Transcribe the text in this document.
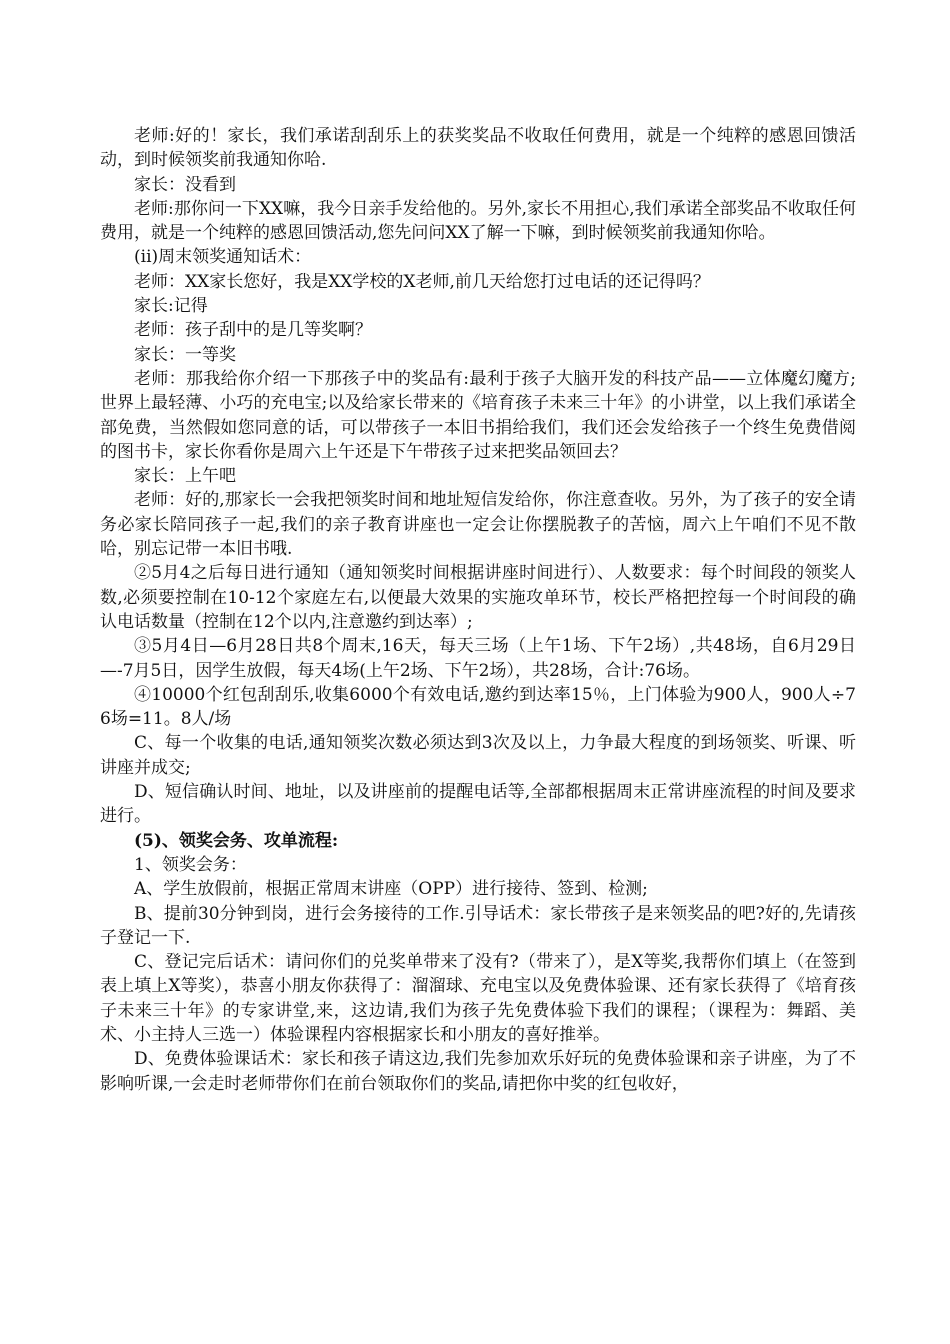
老师:好的！家长，我们承诺刮刮乐上的获奖奖品不收取任何费用，就是一个纯粹的感恩回馈活动，到时候领奖前我通知你哈.

家长：没看到

老师:那你问一下XX嘛，我今日亲手发给他的。另外,家长不用担心,我们承诺全部奖品不收取任何费用，就是一个纯粹的感恩回馈活动,您先问问XX了解一下嘛，到时候领奖前我通知你哈。

(ii)周末领奖通知话术：

老师：XX家长您好，我是XX学校的X老师,前几天给您打过电话的还记得吗？

家长:记得

老师：孩子刮中的是几等奖啊？

家长：一等奖

老师：那我给你介绍一下那孩子中的奖品有:最利于孩子大脑开发的科技产品——立体魔幻魔方;世界上最轻薄、小巧的充电宝;以及给家长带来的《培育孩子未来三十年》的小讲堂，以上我们承诺全部免费，当然假如您同意的话，可以带孩子一本旧书捐给我们，我们还会发给孩子一个终生免费借阅的图书卡，家长你看你是周六上午还是下午带孩子过来把奖品领回去？

家长：上午吧

老师：好的,那家长一会我把领奖时间和地址短信发给你，你注意查收。另外，为了孩子的安全请务必家长陪同孩子一起,我们的亲子教育讲座也一定会让你摆脱教子的苦恼，周六上午咱们不见不散哈，别忘记带一本旧书哦.

②5月4之后每日进行通知（通知领奖时间根据讲座时间进行）、人数要求：每个时间段的领奖人数,必须要控制在10-12个家庭左右,以便最大效果的实施攻单环节，校长严格把控每一个时间段的确认电话数量（控制在12个以内,注意邀约到达率）;

③5月4日—6月28日共8个周末,16天，每天三场（上午1场、下午2场）,共48场，自6月29日—-7月5日，因学生放假，每天4场(上午2场、下午2场），共28场，合计:76场。

④10000个红包刮刮乐,收集6000个有效电话,邀约到达率15％，上门体验为900人，900人÷76场=11。8人/场

C、每一个收集的电话,通知领奖次数必须达到3次及以上，力争最大程度的到场领奖、听课、听讲座并成交;

D、短信确认时间、地址，以及讲座前的提醒电话等,全部都根据周末正常讲座流程的时间及要求进行。

(5)、领奖会务、攻单流程:

1、领奖会务：

A、学生放假前，根据正常周末讲座（OPP）进行接待、签到、检测;

B、提前30分钟到岗，进行会务接待的工作.引导话术：家长带孩子是来领奖品的吧?好的,先请孩子登记一下.

C、登记完后话术：请问你们的兑奖单带来了没有?（带来了），是X等奖,我帮你们填上（在签到表上填上X等奖），恭喜小朋友你获得了：溜溜球、充电宝以及免费体验课、还有家长获得了《培育孩子未来三十年》的专家讲堂,来，这边请,我们为孩子先免费体验下我们的课程；（课程为：舞蹈、美术、小主持人三选一）体验课程内容根据家长和小朋友的喜好推举。

D、免费体验课话术：家长和孩子请这边,我们先参加欢乐好玩的免费体验课和亲子讲座，为了不影响听课,一会走时老师带你们在前台领取你们的奖品,请把你中奖的红包收好，
